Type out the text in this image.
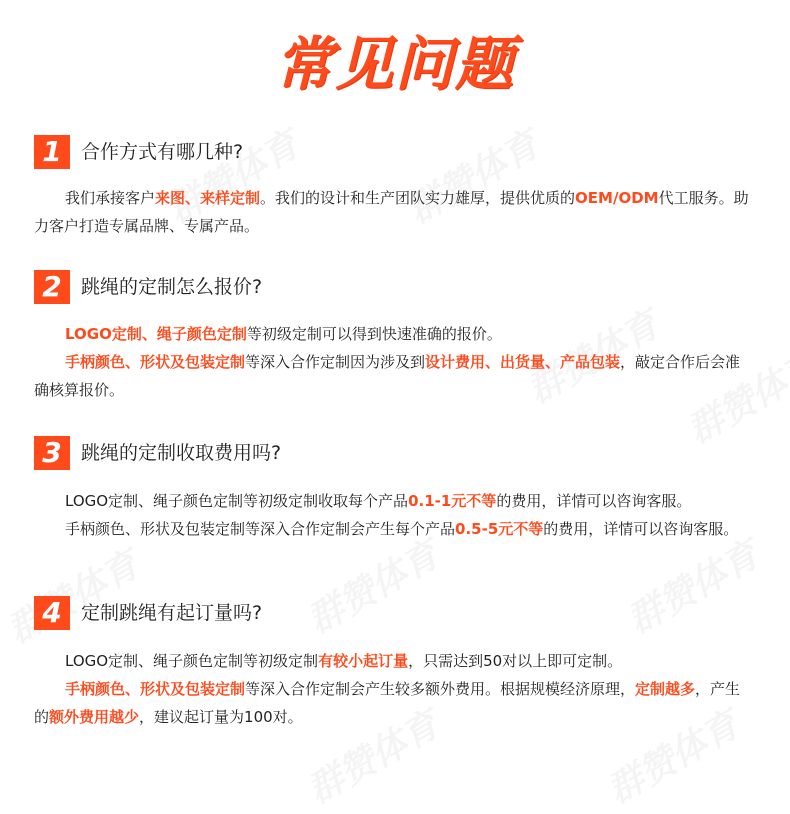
常见问题
1	合作方式有哪几种?
我们承接客户来图、来样定制。我们的设计和生产团队实力雄厚，提供优质的OEM/ODM代工服务。助力客户打造专属品牌、专属产品。
2	跳绳的定制怎么报价?
LOGO定制、绳子颜色定制等初级定制可以得到快速准确的报价。
手柄颜色、形状及包装定制等深入合作定制因为涉及到设计费用、出货量、产品包装，敲定合作后会准确核算报价。
3	跳绳的定制收取费用吗?
LOGO定制、绳子颜色定制等初级定制收取每个产品0.1-1元不等的费用，详情可以咨询客服。
手柄颜色、形状及包装定制等深入合作定制会产生每个产品0.5-5元不等的费用，详情可以咨询客服。
4	定制跳绳有起订量吗?
LOGO定制、绳子颜色定制等初级定制有较小起订量，只需达到50对以上即可定制。
手柄颜色、形状及包装定制等深入合作定制会产生较多额外费用。根据规模经济原理，定制越多，产生的额外费用越少，建议起订量为100对。
